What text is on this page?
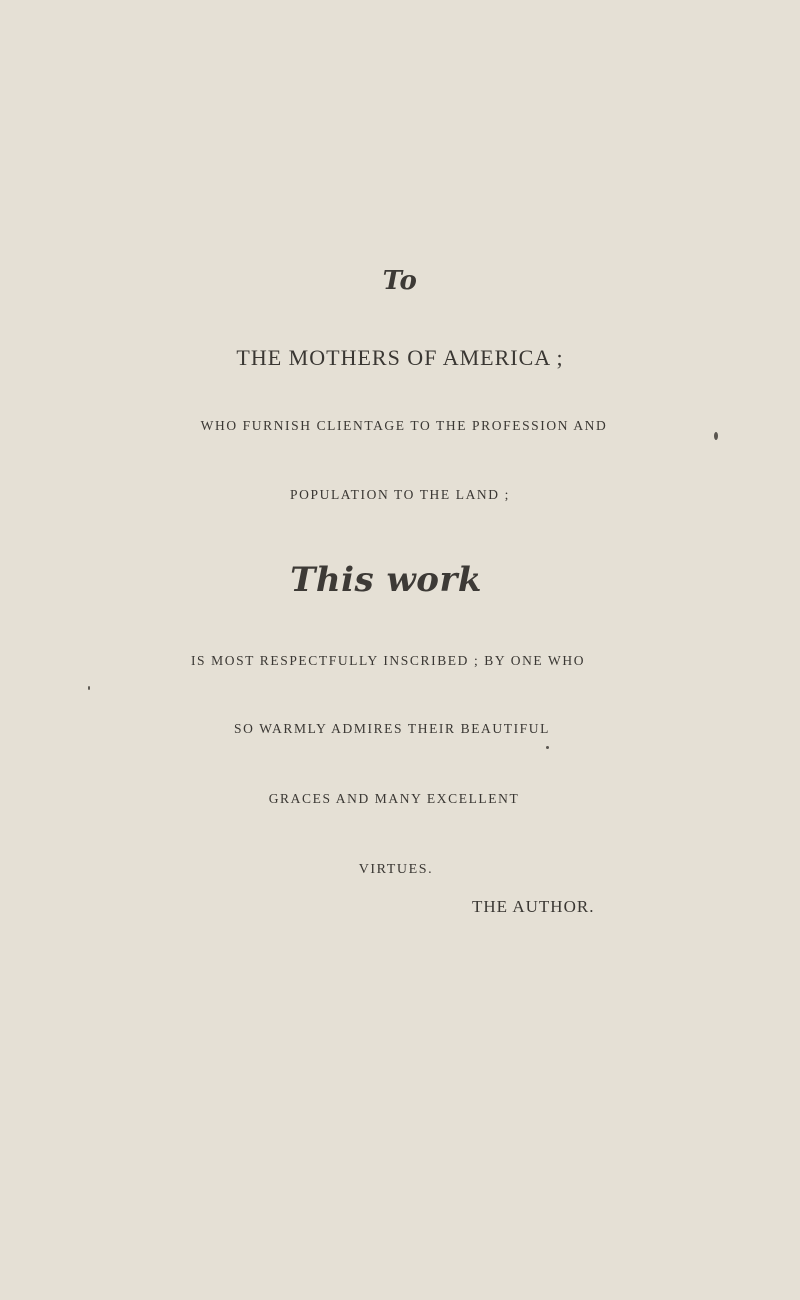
To
THE MOTHERS OF AMERICA ;
WHO FURNISH CLIENTAGE TO THE PROFESSION AND
POPULATION TO THE LAND ;
This work
IS MOST RESPECTFULLY INSCRIBED ; BY ONE WHO
SO WARMLY ADMIRES THEIR BEAUTIFUL
GRACES AND MANY EXCELLENT
VIRTUES.
THE AUTHOR.
